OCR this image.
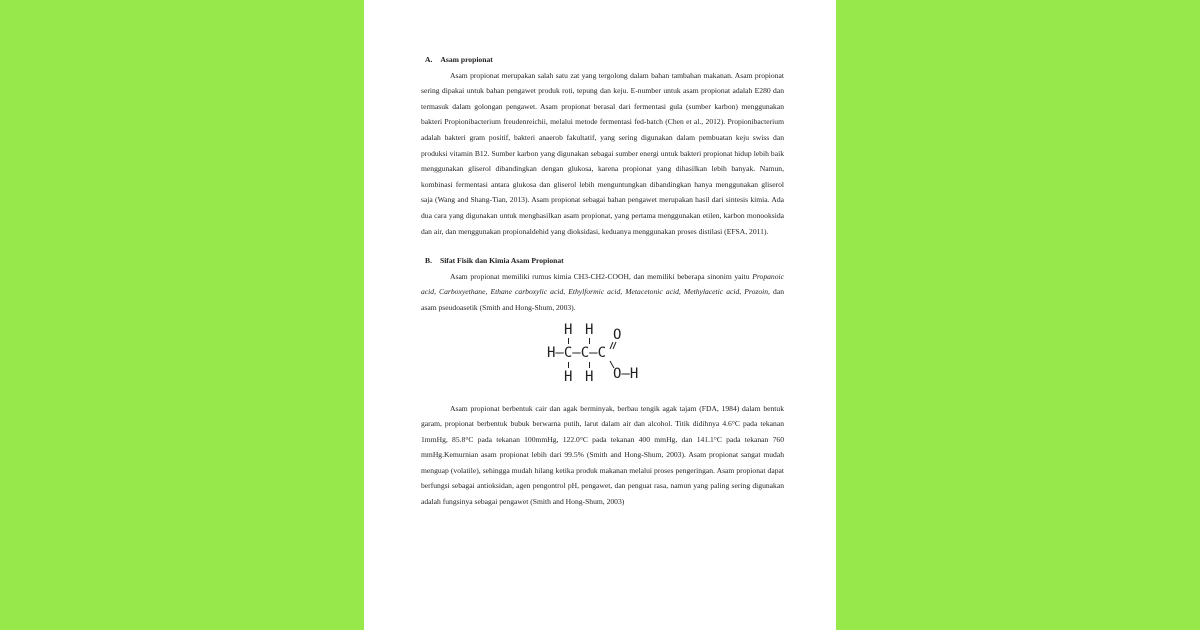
A. Asam propionat

Asam propionat merupakan salah satu zat yang tergolong dalam bahan tambahan makanan. Asam propionat sering dipakai untuk bahan pengawet produk roti, tepung dan keju. E-number untuk asam propionat adalah E280 dan termasuk dalam golongan pengawet. Asam propionat berasal dari fermentasi gula (sumber karbon) menggunakan bakteri Propionibacterium freudenreichii, melalui metode fermentasi fed-batch (Chen et al., 2012). Propionibacterium adalah bakteri gram positif, bakteri anaerob fakultatif, yang sering digunakan dalam pembuatan keju swiss dan produksi vitamin B12. Sumber karbon yang digunakan sebagai sumber energi untuk bakteri propionat hidup lebih baik menggunakan gliserol dibandingkan dengan glukosa, karena propionat yang dihasilkan lebih banyak. Namun, kombinasi fermentasi antara glukosa dan gliserol lebih menguntungkan dibandingkan hanya menggunakan gliserol saja (Wang and Shang-Tian, 2013). Asam propionat sebagai bahan pengawet merupakan hasil dari sintesis kimia. Ada dua cara yang digunakan untuk menghasilkan asam propionat, yang pertama menggunakan etilen, karbon monooksida dan air, dan menggunakan propionaldehid yang dioksidasi, keduanya menggunakan proses distilasi (EFSA, 2011).

B. Sifat Fisik dan Kimia Asam Propionat

Asam propionat memiliki rumus kimia CH3-CH2-COOH, dan memiliki beberapa sinonim yaitu Propanoic acid, Carboxyethane, Ethane carboxylic acid, Ethylformic acid, Metacetonic acid, Methylacetic acid, Prozoin, dan asam pseudoasetik (Smith and Hong-Shum, 2003).

H H O
H–C–C–C
H H O–H

Asam propionat berbentuk cair dan agak berminyak, berbau tengik agak tajam (FDA, 1984) dalam bentuk garam, propionat berbentuk bubuk berwarna putih, larut dalam air dan alcohol. Titik didihnya 4.6°C pada tekanan 1mmHg, 85.8°C pada tekanan 100mmHg, 122.0°C pada tekanan 400 mmHg, dan 141.1°C pada tekanan 760 mmHg.Kemurnian asam propionat lebih dari 99.5% (Smith and Hong-Shum, 2003). Asam propionat sangat mudah menguap (volatile), sehingga mudah hilang ketika produk makanan melalui proses pengeringan. Asam propionat dapat berfungsi sebagai antioksidan, agen pengontrol pH, pengawet, dan penguat rasa, namun yang paling sering digunakan adalah fungsinya sebagai pengawet (Smith and Hong-Shum, 2003)
